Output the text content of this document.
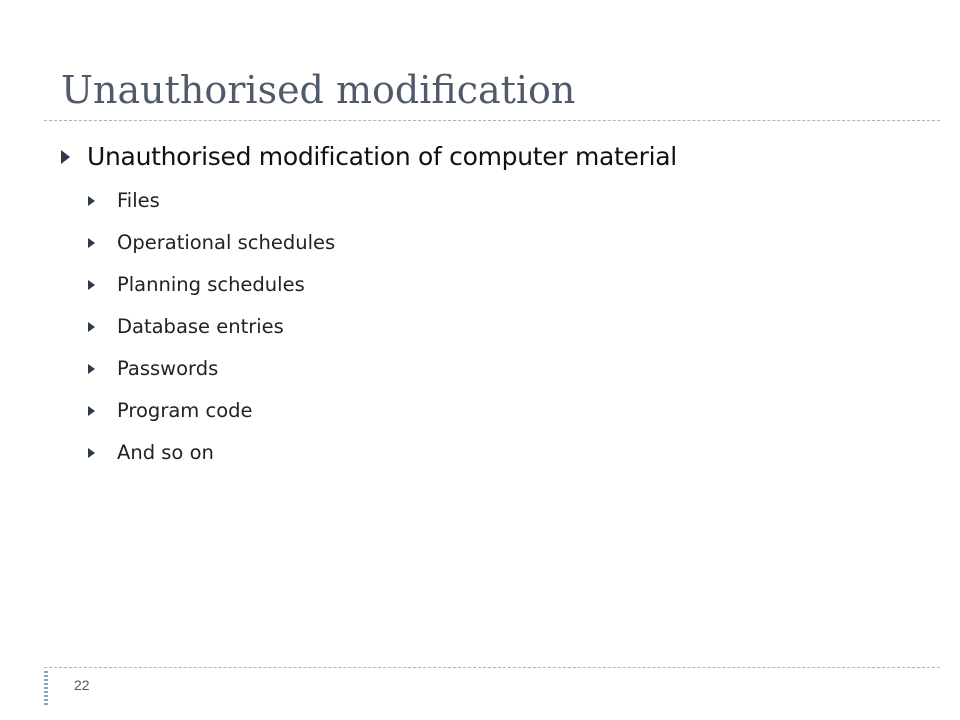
Unauthorised modification
Unauthorised modification of computer material
Files
Operational schedules
Planning schedules
Database entries
Passwords
Program code
And so on
22
